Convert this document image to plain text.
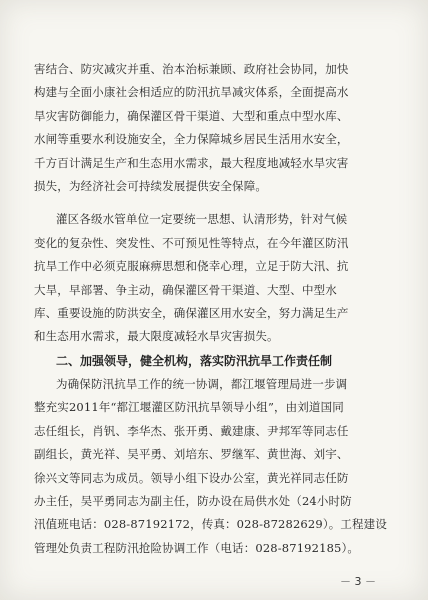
害结合、防灾减灾并重、治本治标兼顾、政府社会协同，加快

构建与全面小康社会相适应的防汛抗旱减灾体系，全面提高水

旱灾害防御能力，确保灌区骨干渠道、大型和重点中型水库、

水闸等重要水利设施安全，全力保障城乡居民生活用水安全，

千方百计满足生产和生态用水需求，最大程度地减轻水旱灾害

损失，为经济社会可持续发展提供安全保障。

灌区各级水管单位一定要统一思想、认清形势，针对气候

变化的复杂性、突发性、不可预见性等特点，在今年灌区防汛

抗旱工作中必须克服麻痹思想和侥幸心理，立足于防大汛、抗

大旱，早部署、争主动，确保灌区骨干渠道、大型、中型水

库、重要设施的防洪安全，确保灌区用水安全，努力满足生产

和生态用水需求，最大限度减轻水旱灾害损失。

二、加强领导，健全机构，落实防汛抗旱工作责任制

为确保防汛抗旱工作的统一协调，都江堰管理局进一步调

整充实2011年“都江堰灌区防汛抗旱领导小组”，由刘道国同

志任组长，肖钒、李华杰、张开勇、戴建康、尹邦军等同志任

副组长，黄光祥、吴平勇、刘培东、罗继军、黄世海、刘宇、

徐兴文等同志为成员。领导小组下设办公室，黄光祥同志任防

办主任，吴平勇同志为副主任，防办设在局供水处（24小时防

汛值班电话：028-87192172，传真：028-87282629）。工程建设

管理处负责工程防汛抢险协调工作（电话：028-87192185）。

－ 3 －
